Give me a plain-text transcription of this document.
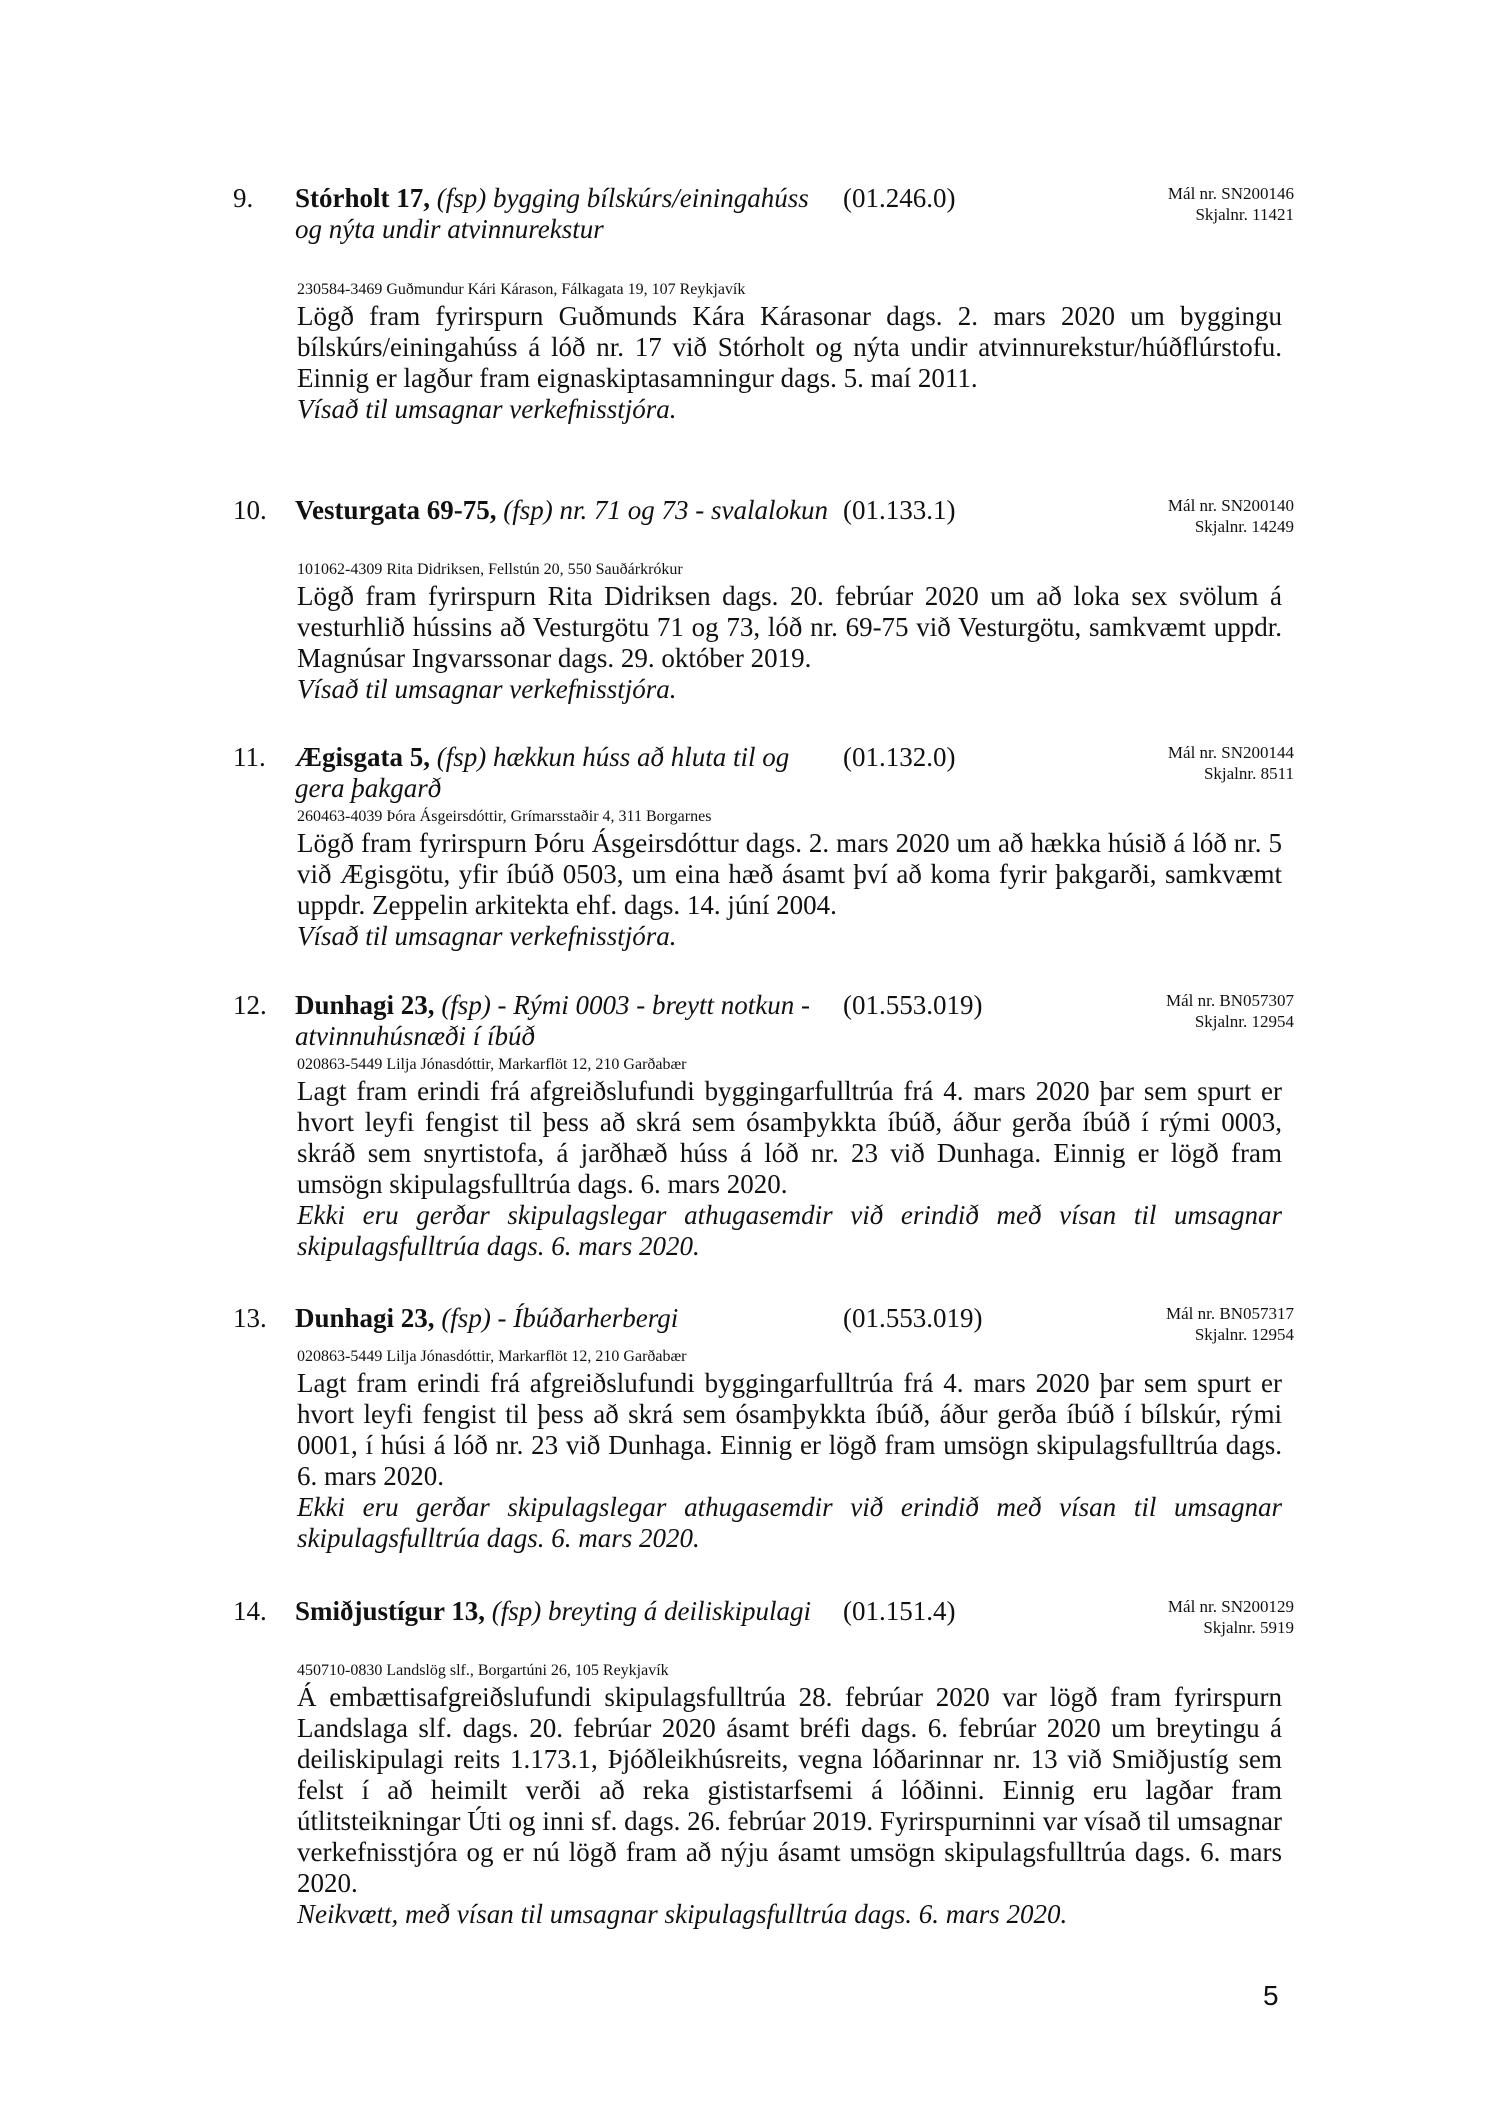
9. Stórholt 17, (fsp) bygging bílskúrs/einingahúss og nýta undir atvinnurekstur
(01.246.0)	Mál nr. SN200146
Skjalnr. 11421
230584-3469 Guðmundur Kári Kárason, Fálkagata 19, 107 Reykjavík

Lögð fram fyrirspurn Guðmunds Kára Kárasonar dags. 2. mars 2020 um byggingu bílskúrs/einingahúss á lóð nr. 17 við Stórholt og nýta undir atvinnurekstur/húðflúrstofu. Einnig er lagður fram eignaskiptasamningur dags. 5. maí 2011.

Vísað til umsagnar verkefnisstjóra.

10. Vesturgata 69-75, (fsp) nr. 71 og 73 - svalalokun (01.133.1)	Mál nr. SN200140
Skjalnr. 14249
101062-4309 Rita Didriksen, Fellstún 20, 550 Sauðárkrókur

Lögð fram fyrirspurn Rita Didriksen dags. 20. febrúar 2020 um að loka sex svölum á vesturhlið hússins að Vesturgötu 71 og 73, lóð nr. 69-75 við Vesturgötu, samkvæmt uppdr. Magnúsar Ingvarssonar dags. 29. október 2019.

Vísað til umsagnar verkefnisstjóra.

11. Ægisgata 5, (fsp) hækkun húss að hluta til og gera þakgarð
(01.132.0)	Mál nr. SN200144
Skjalnr. 8511
260463-4039 Þóra Ásgeirsdóttir, Grímarsstaðir 4, 311 Borgarnes

Lögð fram fyrirspurn Þóru Ásgeirsdóttur dags. 2. mars 2020 um að hækka húsið á lóð nr. 5 við Ægisgötu, yfir íbúð 0503, um eina hæð ásamt því að koma fyrir þakgarði, samkvæmt uppdr. Zeppelin arkitekta ehf. dags. 14. júní 2004.

Vísað til umsagnar verkefnisstjóra.

12. Dunhagi 23, (fsp) - Rými 0003 - breytt notkun - atvinnuhúsnæði í íbúð
(01.553.019)	Mál nr. BN057307
Skjalnr. 12954
020863-5449 Lilja Jónasdóttir, Markarflöt 12, 210 Garðabær

Lagt fram erindi frá afgreiðslufundi byggingarfulltrúa frá 4. mars 2020 þar sem spurt er hvort leyfi fengist til þess að skrá sem ósamþykkta íbúð, áður gerða íbúð í rými 0003, skráð sem snyrtistofa, á jarðhæð húss á lóð nr. 23 við Dunhaga. Einnig er lögð fram umsögn skipulagsfulltrúa dags. 6. mars 2020.

Ekki eru gerðar skipulagslegar athugasemdir við erindið með vísan til umsagnar skipulagsfulltrúa dags. 6. mars 2020.

13. Dunhagi 23, (fsp) - Íbúðarherbergi	(01.553.019)	Mál nr. BN057317
Skjalnr. 12954
020863-5449 Lilja Jónasdóttir, Markarflöt 12, 210 Garðabær

Lagt fram erindi frá afgreiðslufundi byggingarfulltrúa frá 4. mars 2020 þar sem spurt er hvort leyfi fengist til þess að skrá sem ósamþykkta íbúð, áður gerða íbúð í bílskúr, rými 0001, í húsi á lóð nr. 23 við Dunhaga. Einnig er lögð fram umsögn skipulagsfulltrúa dags. 6. mars 2020.

Ekki eru gerðar skipulagslegar athugasemdir við erindið með vísan til umsagnar skipulagsfulltrúa dags. 6. mars 2020.

14. Smiðjustígur 13, (fsp) breyting á deiliskipulagi	(01.151.4)	Mál nr. SN200129
Skjalnr. 5919
450710-0830 Landslög slf., Borgartúni 26, 105 Reykjavík

Á embættisafgreiðslufundi skipulagsfulltrúa 28. febrúar 2020 var lögð fram fyrirspurn Landslaga slf. dags. 20. febrúar 2020 ásamt bréfi dags. 6. febrúar 2020 um breytingu á deiliskipulagi reits 1.173.1, Þjóðleikhúsreits, vegna lóðarinnar nr. 13 við Smiðjustíg sem felst í að heimilt verði að reka gististarfsemi á lóðinni. Einnig eru lagðar fram útlitsteikningar Úti og inni sf. dags. 26. febrúar 2019. Fyrirspurninni var vísað til umsagnar verkefnisstjóra og er nú lögð fram að nýju ásamt umsögn skipulagsfulltrúa dags. 6. mars 2020.

Neikvætt, með vísan til umsagnar skipulagsfulltrúa dags. 6. mars 2020.

5
